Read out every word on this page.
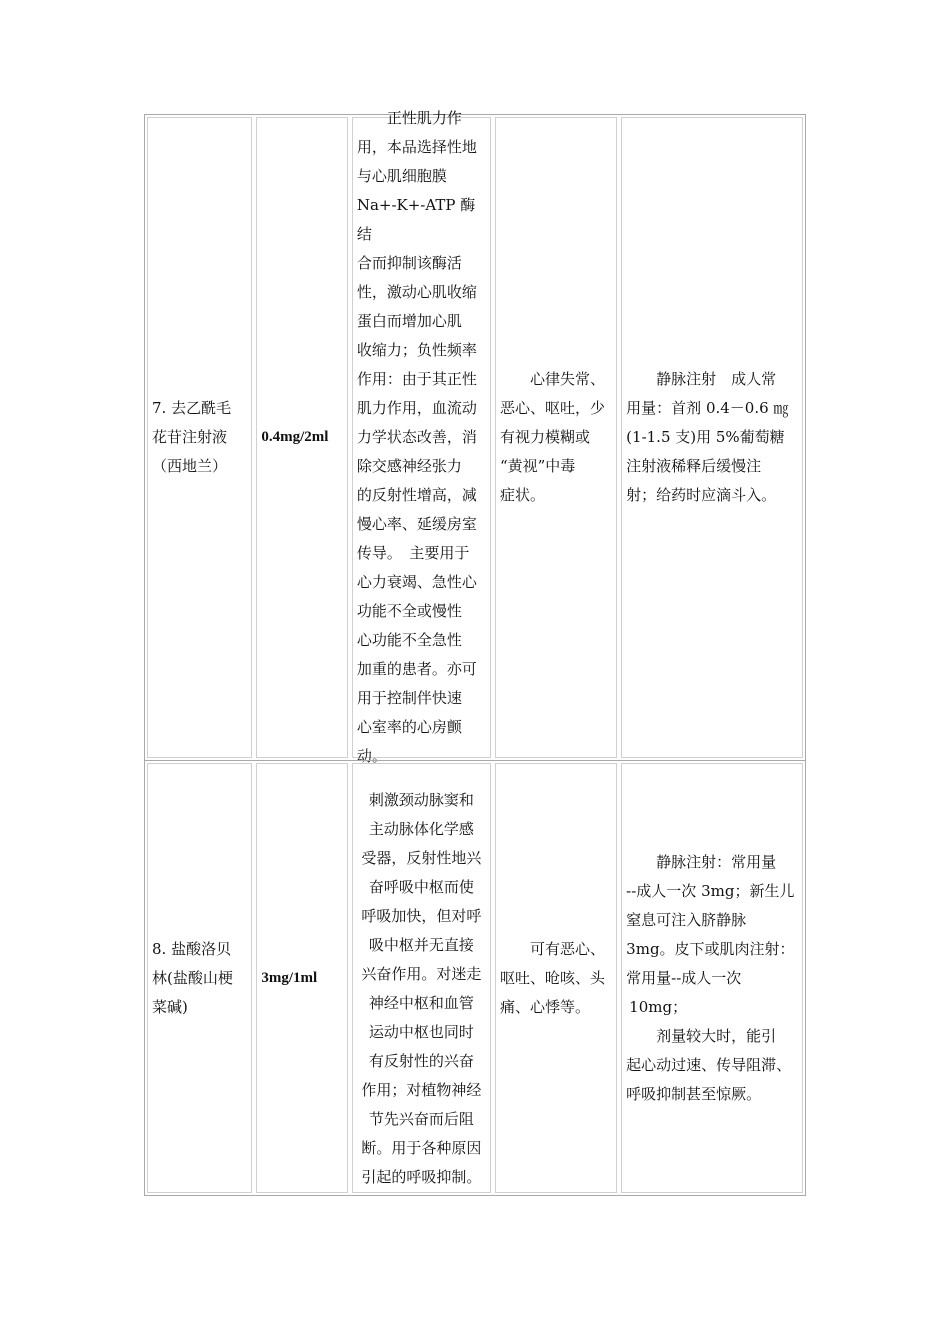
7. 去乙酰毛

花苷注射液

（西地兰）

0.4mg/2ml

正性肌力作

用，本品选择性地

与心肌细胞膜

Na+-K+-ATP 酶结

合而抑制该酶活

性，激动心肌收缩

蛋白而增加心肌

收缩力；负性频率

作用：由于其正性

肌力作用，血流动

力学状态改善，消

除交感神经张力

的反射性增高，减

慢心率、延缓房室

传导。　主要用于

心力衰竭、急性心

功能不全或慢性

心功能不全急性

加重的患者。亦可

用于控制伴快速

心室率的心房颤

动。

心律失常、

恶心、呕吐，少

有视力模糊或

“黄视”中毒

症状。

静脉注射　成人常

用量：首剂 0.4－0.6 ㎎

(1-1.5 支)用 5%葡萄糖

注射液稀释后缓慢注

射；给药时应滴斗入。

8. 盐酸洛贝

林(盐酸山梗

菜碱)

3mg/1ml

刺激颈动脉窦和

主动脉体化学感

受器，反射性地兴

奋呼吸中枢而使

呼吸加快，但对呼

吸中枢并无直接

兴奋作用。对迷走

神经中枢和血管

运动中枢也同时

有反射性的兴奋

作用；对植物神经

节先兴奋而后阻

断。用于各种原因

引起的呼吸抑制。

可有恶心、

呕吐、呛咳、头

痛、心悸等。

静脉注射：常用量

--成人一次 3mg；新生儿

窒息可注入脐静脉

3mg。皮下或肌肉注射：

常用量--成人一次

10mg；

剂量较大时，能引

起心动过速、传导阻滞、

呼吸抑制甚至惊厥。
